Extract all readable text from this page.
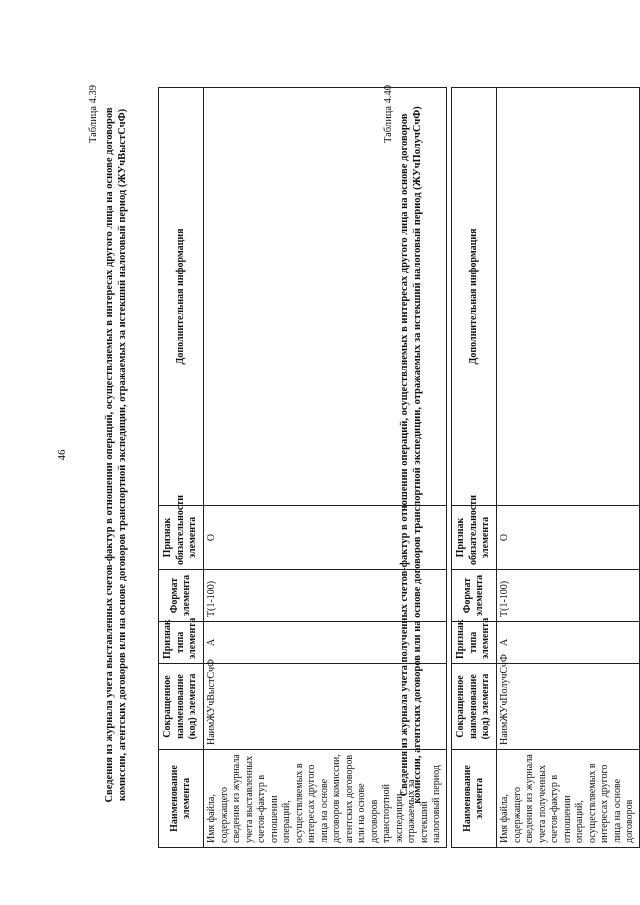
46
Таблица 4.39 Сведения из журнала учета выставленных счетов-фактур в отношении операций, осуществляемых в интересах другого лица на основе договоров комиссии, агентских договоров или на основе договоров транспортной экспедиции, отражаемых за истекший налоговый период (ЖУчВыстСчФ)	Наименование элемента	Сокращенное наименование (код) элемента	Признак типа элемента	Формат элемента	Признак обязательности элемента	Дополнительная информация
Имя файла, содержащего сведения из журнала учета выставленных счетов-фактур в отношении операций, осуществляемых в интересах другого лица на основе договоров комиссии, агентских договоров или на основе договоров транспортной экспедиции, отражаемых за истекший налоговый период	НаимЖУчВыстСчФ	А	T(1-100)	О	
Таблица 4.40 Сведения из журнала учета полученных счетов-фактур в отношении операций, осуществляемых в интересах другого лица на основе договоров комиссии, агентских договоров или на основе договоров транспортной экспедиции, отражаемых за истекший налоговый период (ЖУчПолучСчФ)	Наименование элемента	Сокращенное наименование (код) элемента	Признак типа элемента	Формат элемента	Признак обязательности элемента	Дополнительная информация
Имя файла, содержащего сведения из журнала учета полученных счетов-фактур в отношении операций, осуществляемых в интересах другого лица на основе договоров	НаимЖУчПолучСчФ	А	T(1-100)	О	
